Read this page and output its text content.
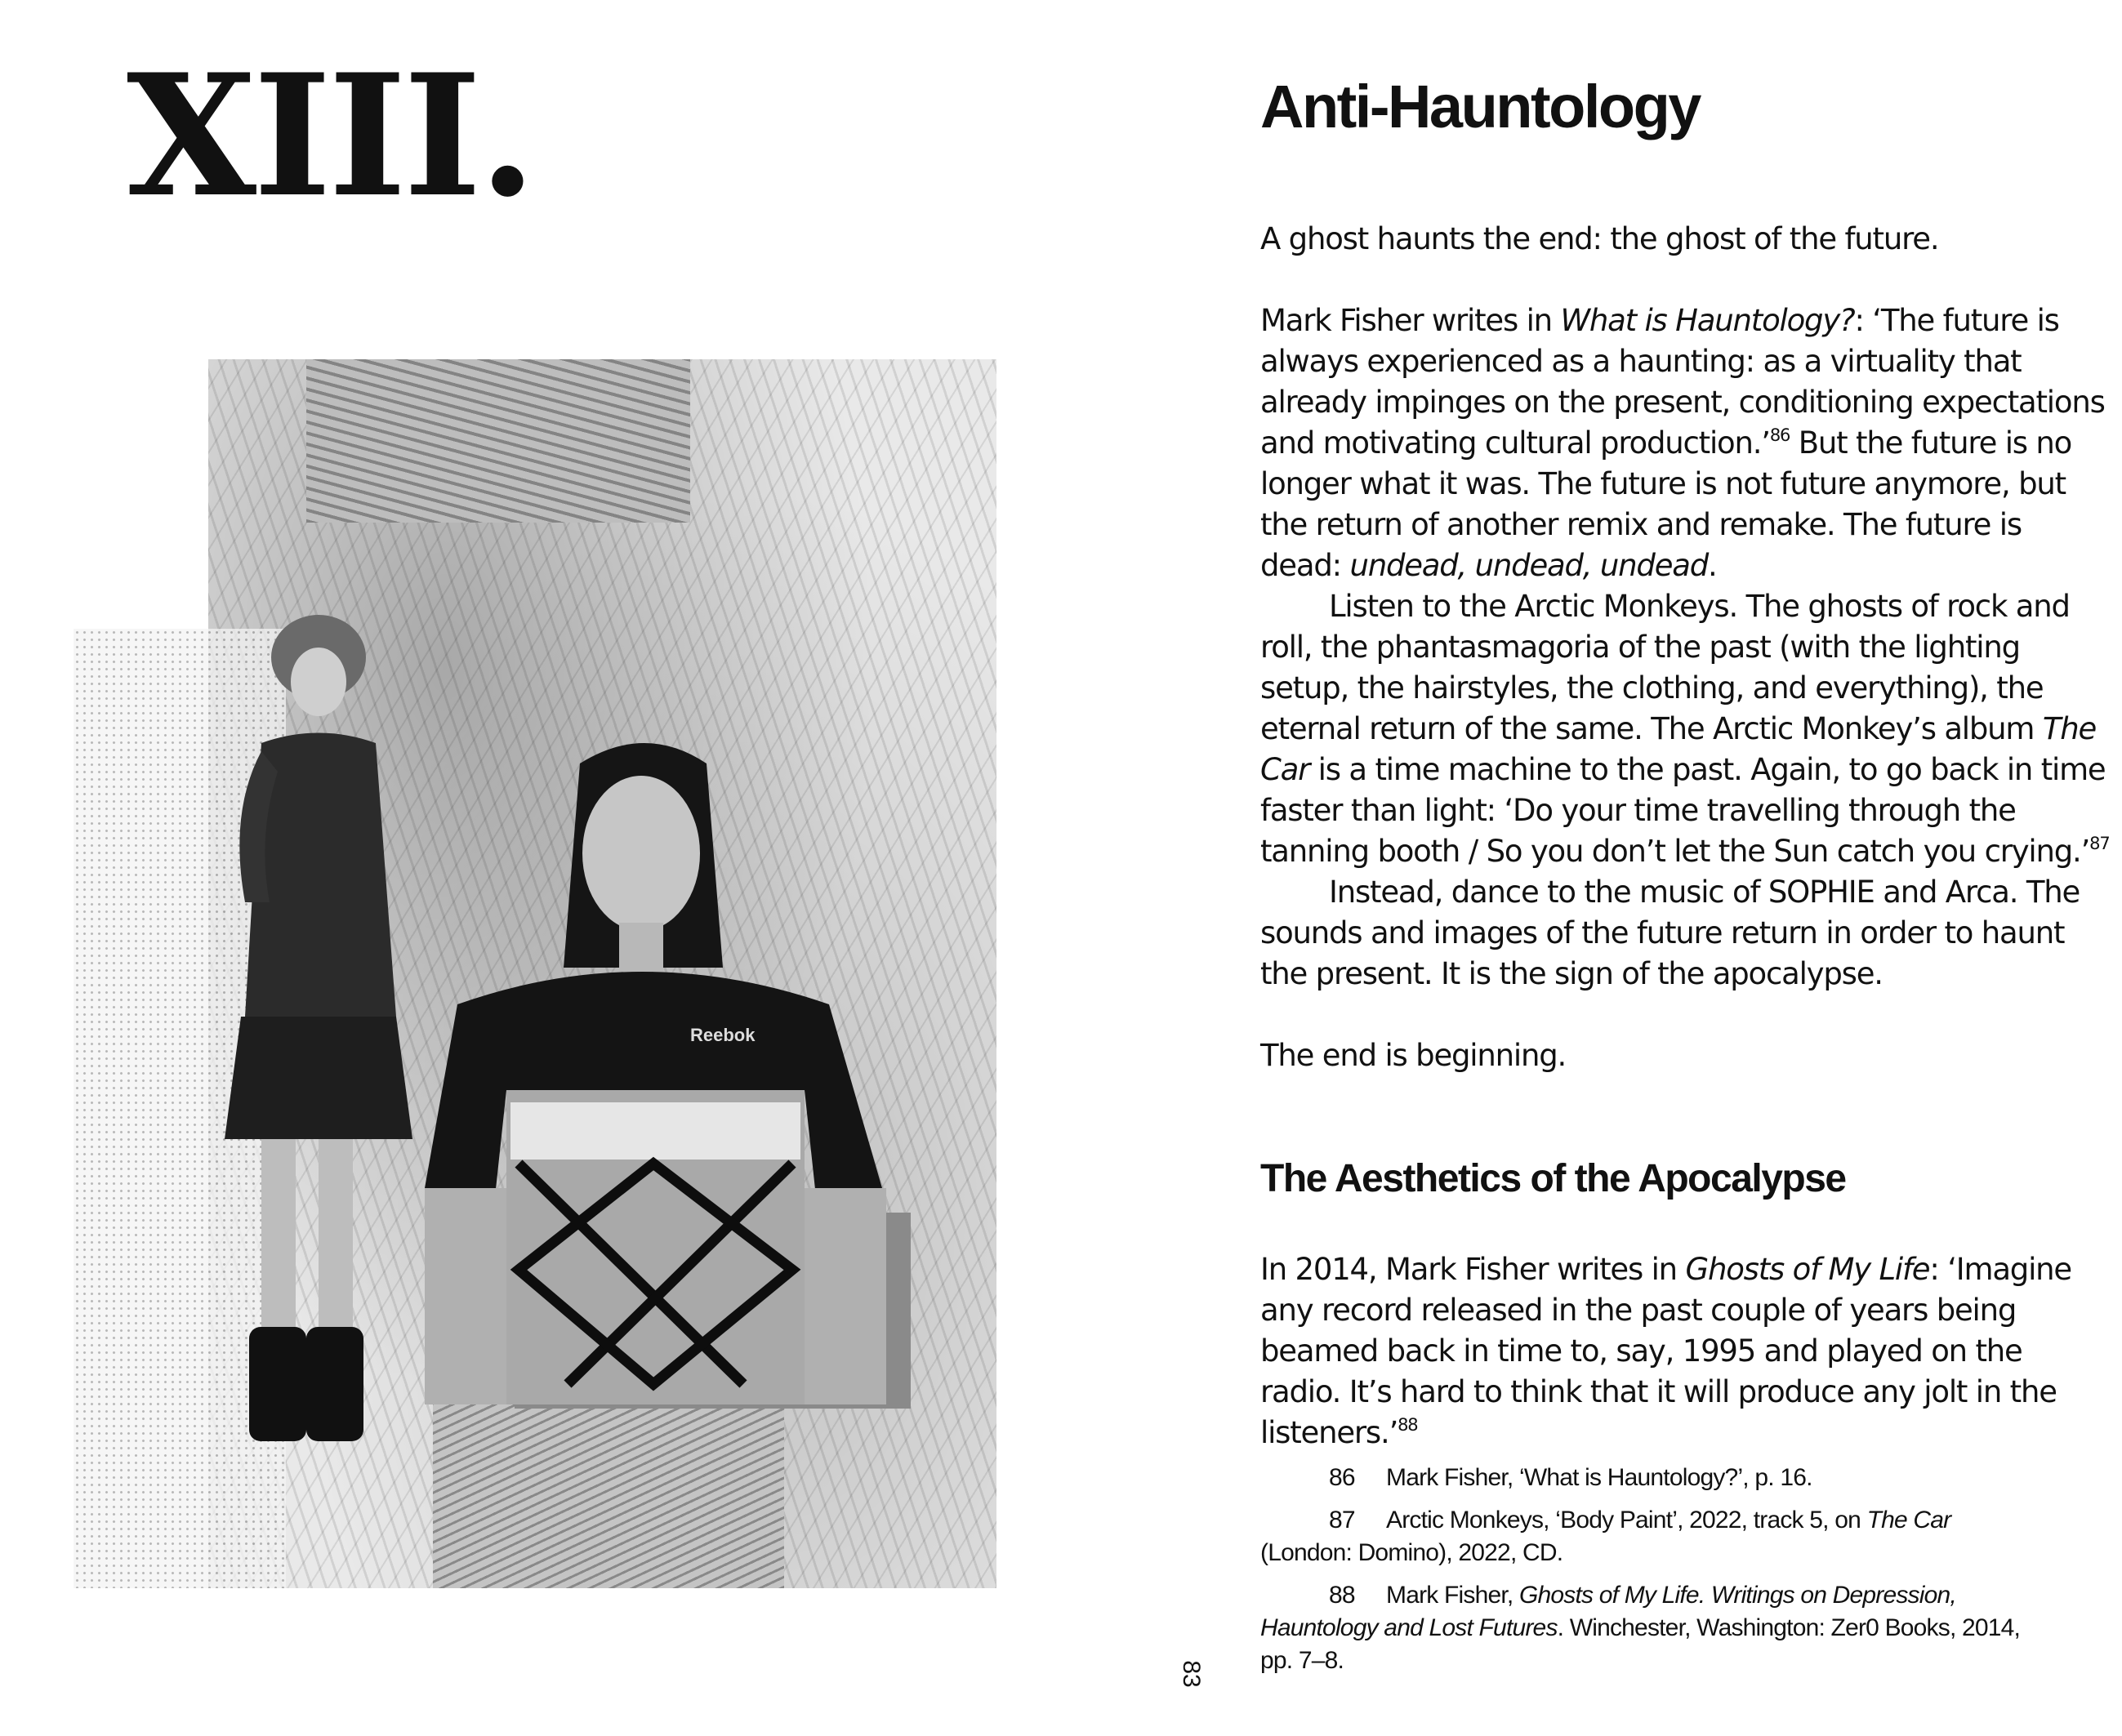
XIII.
Reebok
Anti-Hauntology

A ghost haunts the end: the ghost of the future.

Mark Fisher writes in What is Hauntology?: ‘The future is always experienced as a haunting: as a virtuality that already impinges on the present, conditioning expectations and motivating cultural production.’$^{86}$ But the future is no longer what it was. The future is not future anymore, but the return of another remix and remake. The future is dead: undead, undead, undead.

Listen to the Arctic Monkeys. The ghosts of rock and roll, the phantasmagoria of the past (with the lighting setup, the hairstyles, the clothing, and everything), the eternal return of the same. The Arctic Monkey’s album The Car is a time machine to the past. Again, to go back in time faster than light: ‘Do your time travelling through the tanning booth / So you don’t let the Sun catch you crying.’$^{87}$

Instead, dance to the music of SOPHIE and Arca. The sounds and images of the future return in order to haunt the present. It is the sign of the apocalypse.

The end is beginning.

The Aesthetics of the Apocalypse

In 2014, Mark Fisher writes in Ghosts of My Life: ‘Imagine any record released in the past couple of years being beamed back in time to, say, 1995 and played on the radio. It’s hard to think that it will produce any jolt in the listeners.’$^{88}$

86 Mark Fisher, ‘What is Hauntology?’, p. 16.

87 Arctic Monkeys, ‘Body Paint’, 2022, track 5, on The Car (London: Domino), 2022, CD.

88 Mark Fisher, Ghosts of My Life. Writings on Depression, Hauntology and Lost Futures. Winchester, Washington: Zer0 Books, 2014, pp. 7–8.

83
